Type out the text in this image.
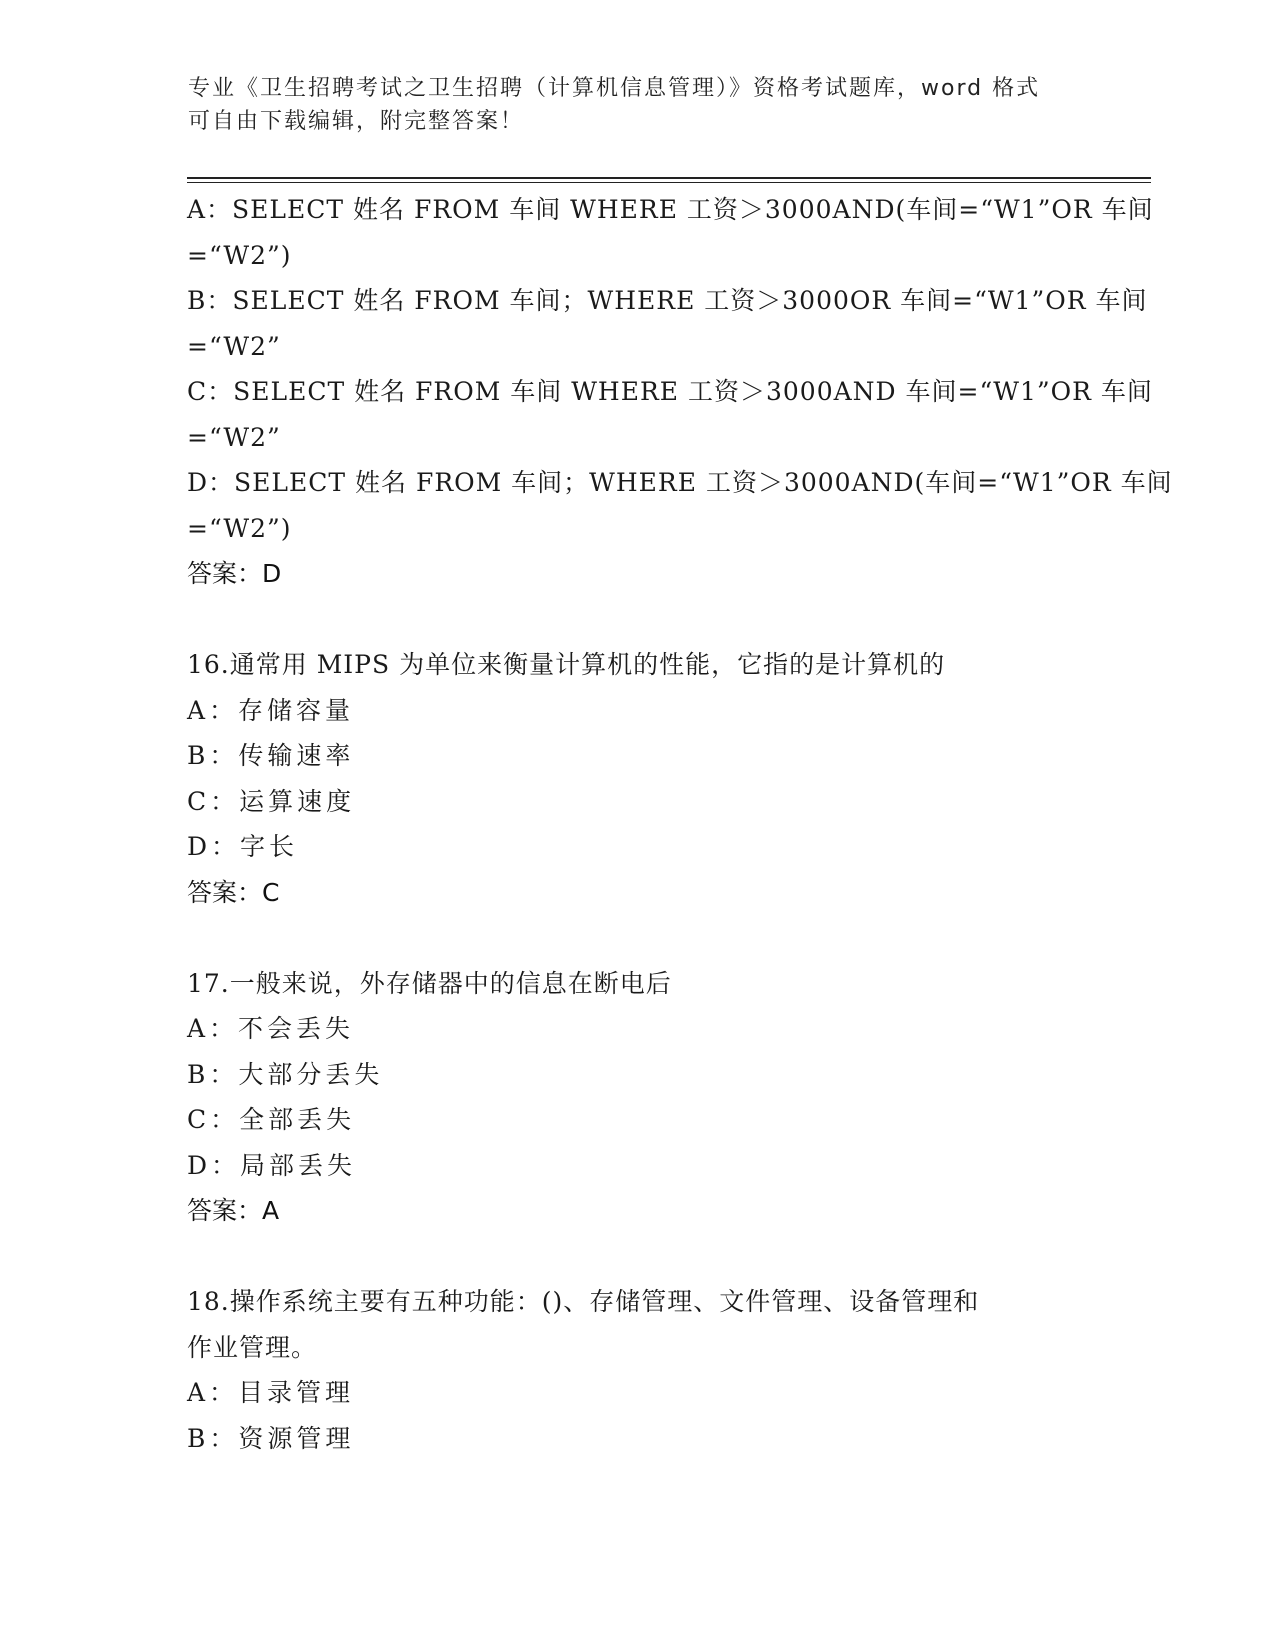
专业《卫生招聘考试之卫生招聘（计算机信息管理）》资格考试题库，word 格式
可自由下载编辑，附完整答案！
A：SELECT 姓名 FROM 车间 WHERE 工资＞3000AND(车间=“W1”OR 车间
=“W2”)
B：SELECT 姓名 FROM 车间；WHERE 工资＞3000OR 车间=“W1”OR 车间
=“W2”
C：SELECT 姓名 FROM 车间 WHERE 工资＞3000AND 车间=“W1”OR 车间
=“W2”
D：SELECT 姓名 FROM 车间；WHERE 工资＞3000AND(车间=“W1”OR 车间
=“W2”)
答案：D
16.通常用 MIPS 为单位来衡量计算机的性能，它指的是计算机的
A：存储容量
B：传输速率
C：运算速度
D：字长
答案：C
17.一般来说，外存储器中的信息在断电后
A：不会丢失
B：大部分丢失
C：全部丢失
D：局部丢失
答案：A
18.操作系统主要有五种功能：()、存储管理、文件管理、设备管理和
作业管理。
A：目录管理
B：资源管理
